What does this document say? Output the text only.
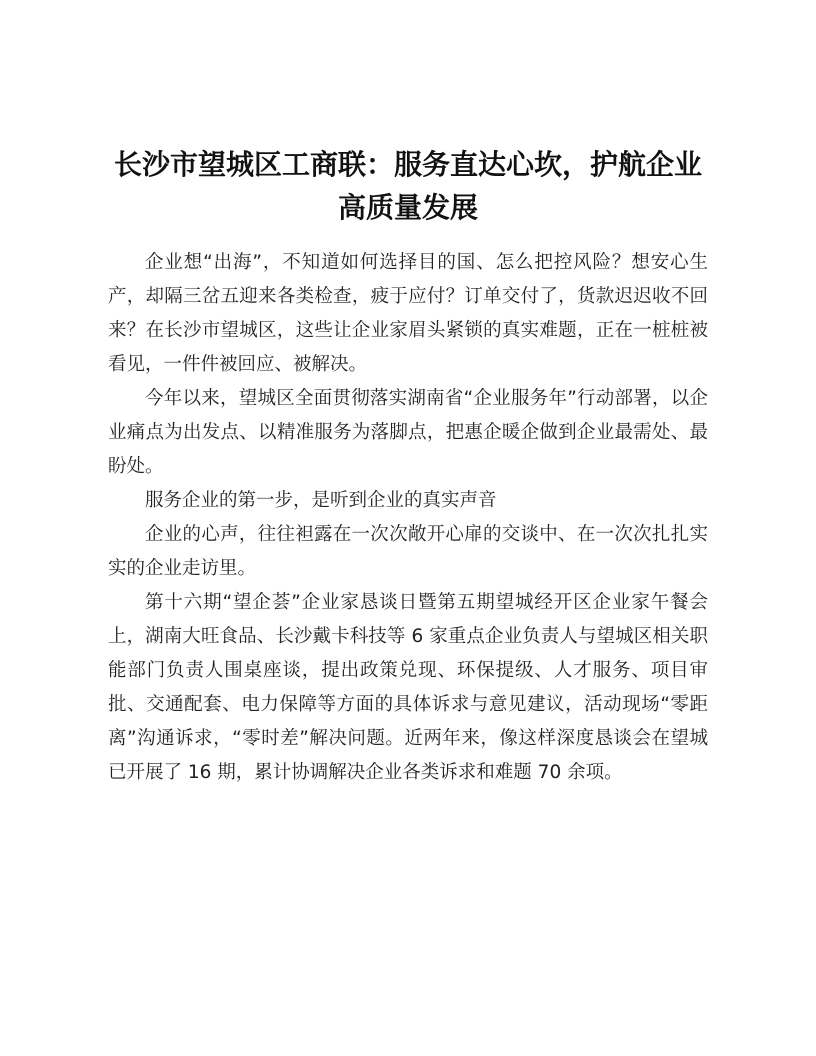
长沙市望城区工商联：服务直达心坎，护航企业高质量发展

企业想“出海”，不知道如何选择目的国、怎么把控风险？想安心生产，却隔三岔五迎来各类检查，疲于应付？订单交付了，货款迟迟收不回来？在长沙市望城区，这些让企业家眉头紧锁的真实难题，正在一桩桩被看见，一件件被回应、被解决。

今年以来，望城区全面贯彻落实湖南省“企业服务年”行动部署，以企业痛点为出发点、以精准服务为落脚点，把惠企暖企做到企业最需处、最盼处。

服务企业的第一步，是听到企业的真实声音

企业的心声，往往袒露在一次次敞开心扉的交谈中、在一次次扎扎实实的企业走访里。

第十六期“望企荟”企业家恳谈日暨第五期望城经开区企业家午餐会上，湖南大旺食品、长沙戴卡科技等 6 家重点企业负责人与望城区相关职能部门负责人围桌座谈，提出政策兑现、环保提级、人才服务、项目审批、交通配套、电力保障等方面的具体诉求与意见建议，活动现场“零距离”沟通诉求，“零时差”解决问题。近两年来，像这样深度恳谈会在望城已开展了 16 期，累计协调解决企业各类诉求和难题 70 余项。
